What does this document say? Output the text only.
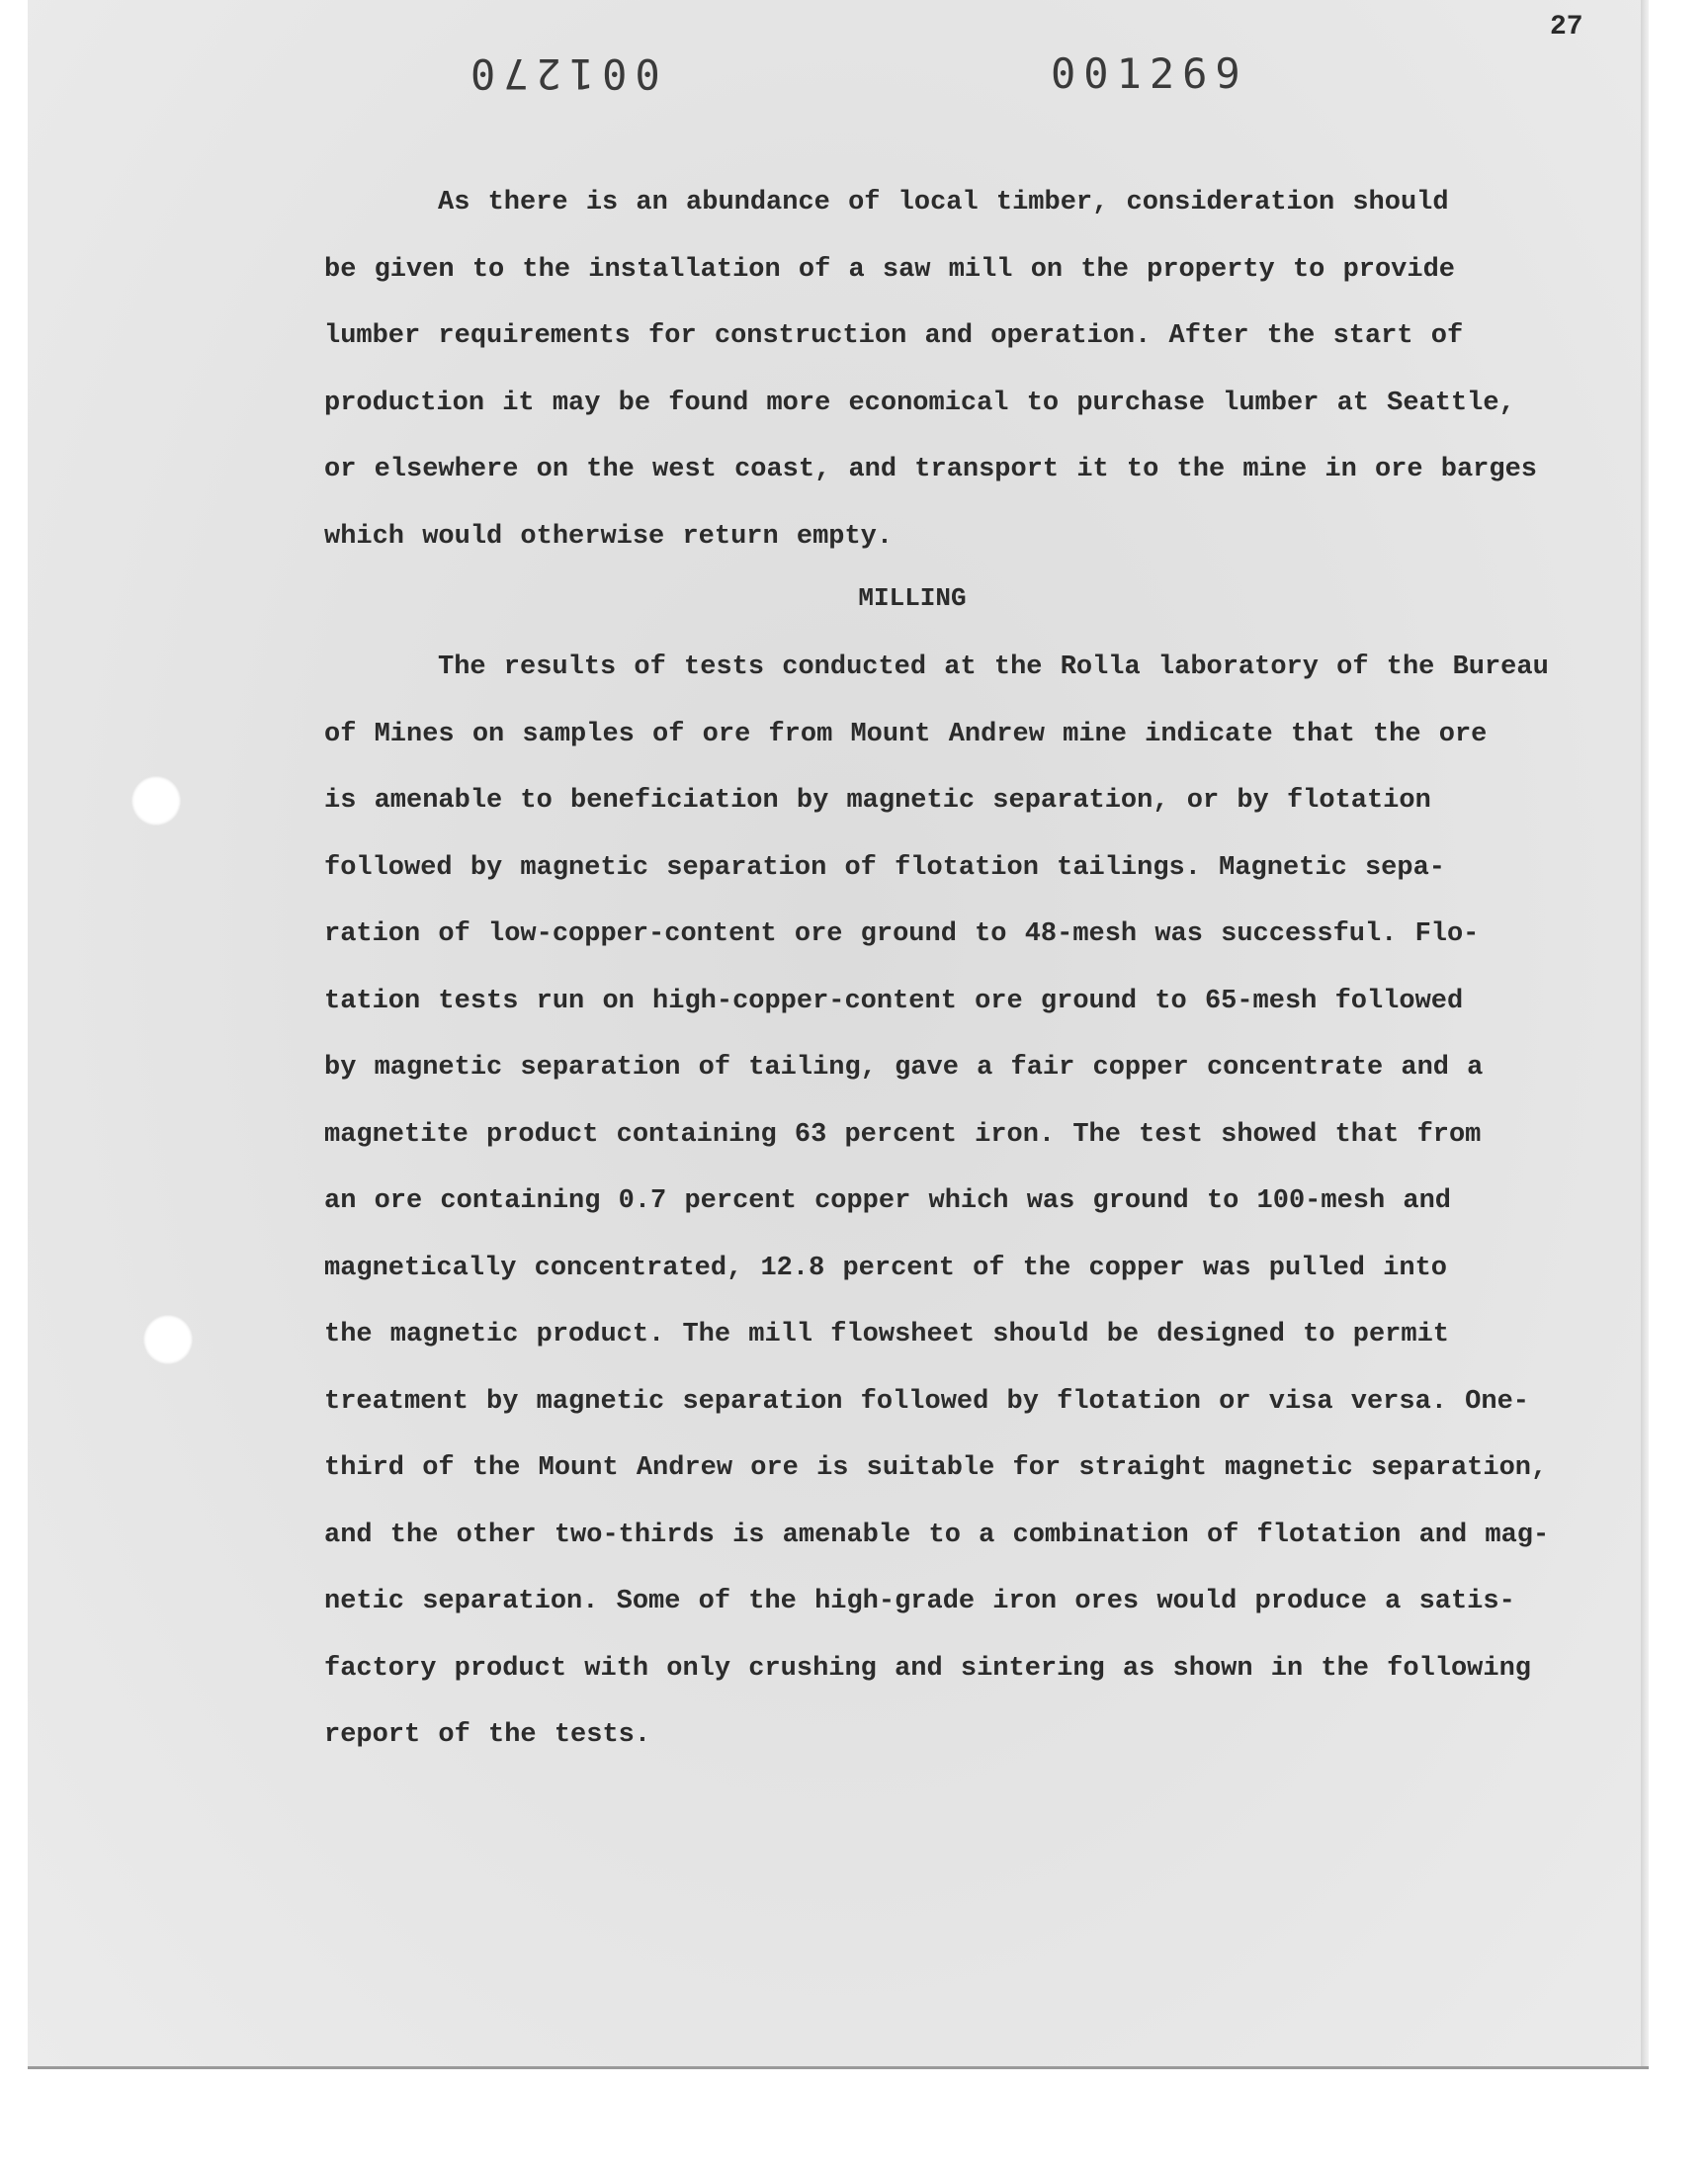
27
001270	001269
As there is an abundance of local timber, consideration should
be given to the installation of a saw mill on the property to provide
lumber requirements for construction and operation. After the start of
production it may be found more economical to purchase lumber at Seattle,
or elsewhere on the west coast, and transport it to the mine in ore barges
which would otherwise return empty.
MILLING
The results of tests conducted at the Rolla laboratory of the Bureau
of Mines on samples of ore from Mount Andrew mine indicate that the ore
is amenable to beneficiation by magnetic separation, or by flotation
followed by magnetic separation of flotation tailings. Magnetic sepa-
ration of low-copper-content ore ground to 48-mesh was successful. Flo-
tation tests run on high-copper-content ore ground to 65-mesh followed
by magnetic separation of tailing, gave a fair copper concentrate and a
magnetite product containing 63 percent iron. The test showed that from
an ore containing 0.7 percent copper which was ground to 100-mesh and
magnetically concentrated, 12.8 percent of the copper was pulled into
the magnetic product. The mill flowsheet should be designed to permit
treatment by magnetic separation followed by flotation or visa versa. One-
third of the Mount Andrew ore is suitable for straight magnetic separation,
and the other two-thirds is amenable to a combination of flotation and mag-
netic separation. Some of the high-grade iron ores would produce a satis-
factory product with only crushing and sintering as shown in the following
report of the tests.
